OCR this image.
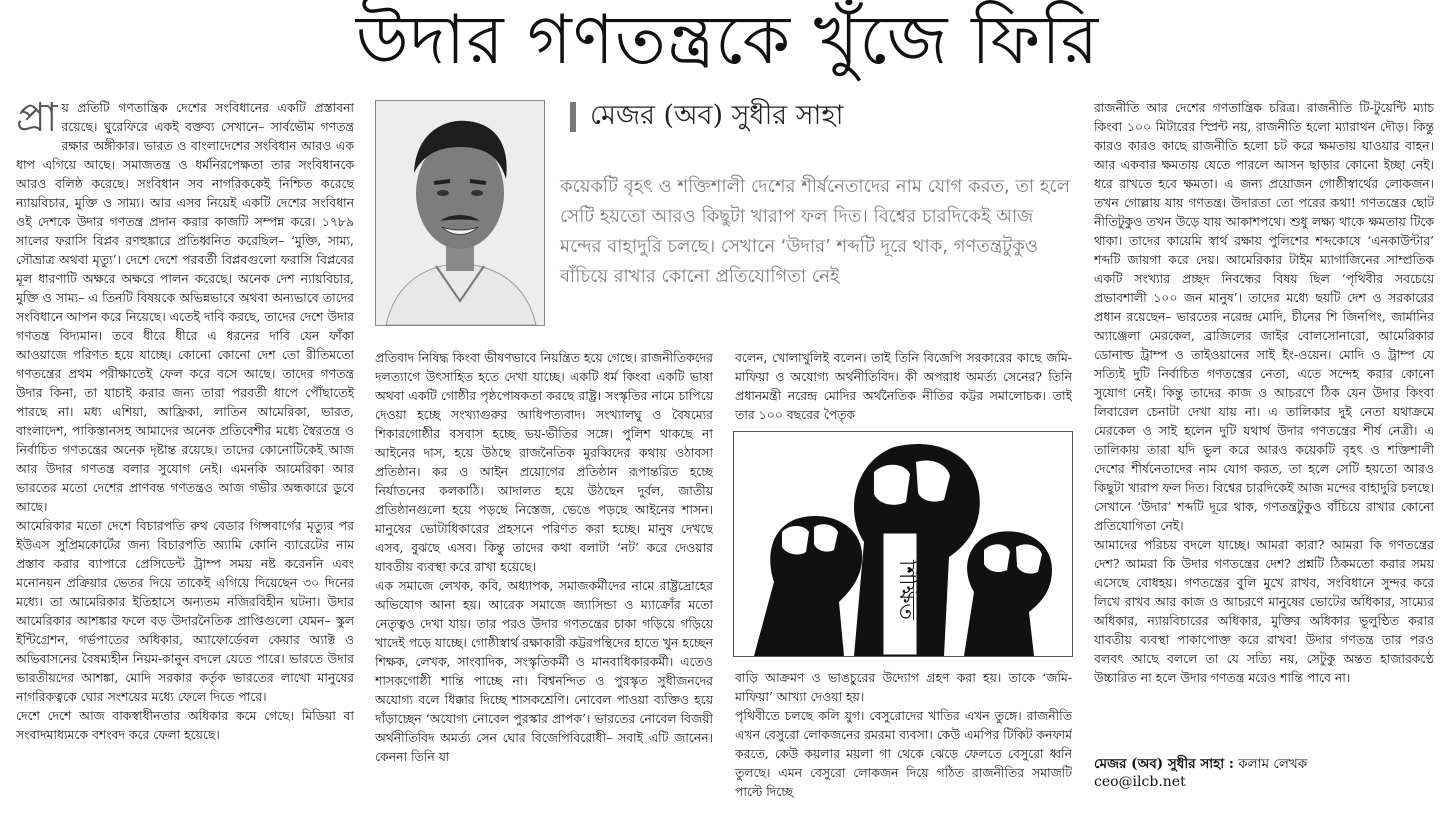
উদার গণতন্ত্রকে খুঁজে ফিরি

প্রা য় প্রতিটি গণতান্ত্রিক দেশের সংবিধানের একটি প্রস্তাবনা রয়েছে। ঘুরেফিরে একই বক্তব্য সেখানে– সার্বভৌম গণতন্ত্র রক্ষার অঙ্গীকার। ভারত ও বাংলাদেশের সংবিধান আরও এক ধাপ এগিয়ে আছে। সমাজতন্ত্র ও ধর্মনিরপেক্ষতা তার সংবিধানকে আরও বলিষ্ঠ করেছে। সংবিধান সব নাগরিককেই নিশ্চিত করেছে ন্যায়বিচার, মুক্তি ও সাম্য। আর এসব নিয়েই একটি দেশের সংবিধান ওই দেশকে উদার গণতন্ত্র প্রদান করার কাজটি সম্পন্ন করে। ১৭৮৯ সালের ফরাসি বিপ্লব রণহুঙ্কারে প্রতিধ্বনিত করেছিল– ‘মুক্তি, সাম্য, সৌভ্রাত্র অথবা মৃত্যু’। দেশে দেশে পরবর্তী বিপ্লবগুলো ফরাসি বিপ্লবের মূল ধারণাটি অক্ষরে অক্ষরে পালন করেছে। অনেক দেশ ন্যায়বিচার, মুক্তি ও সাম্য– এ তিনটি বিষয়কে অভিন্নভাবে অথবা অন্যভাবে তাদের সংবিধানে আপন করে নিয়েছে। এতেই দাবি করছে, তাদের দেশে উদার গণতন্ত্র বিদ্যমান। তবে ধীরে ধীরে এ ধরনের দাবি যেন ফাঁকা আওয়াজে পরিণত হয়ে যাচ্ছে। কোনো কোনো দেশ তো রীতিমতো গণতন্ত্রের প্রথম পরীক্ষাতেই ফেল করে বসে আছে। তাদের গণতন্ত্র উদার কিনা, তা যাচাই করার জন্য তারা পরবর্তী ধাপে পৌঁছাতেই পারছে না। মধ্য এশিয়া, আফ্রিকা, লাতিন আমেরিকা, ভারত, বাংলাদেশ, পাকিস্তানসহ আমাদের অনেক প্রতিবেশীর মধ্যে স্বৈরতন্ত্র ও নির্বাচিত গণতন্ত্রের অনেক দৃষ্টান্ত রয়েছে। তাদের কোনোটিকেই আজ আর উদার গণতন্ত্র বলার সুযোগ নেই। এমনকি আমেরিকা আর ভারতের মতো দেশের প্রাণবন্ত গণতন্ত্রও আজ গভীর অন্ধকারে ডুবে আছে।

আমেরিকার মতো দেশে বিচারপতি রুথ বেডার গিন্সবার্গের মৃত্যুর পর ইউএস সুপ্রিমকোর্টের জন্য বিচারপতি অ্যামি কোনি ব্যারেটের নাম প্রস্তাব করার ব্যাপারে প্রেসিডেন্ট ট্রাম্প সময় নষ্ট করেননি এবং মনোনয়ন প্রক্রিয়ার ভেতর দিয়ে তাকেই এগিয়ে দিয়েছেন ৩০ দিনের মধ্যে। তা আমেরিকার ইতিহাসে অন্যতম নজিরবিহীন ঘটনা। উদার আমেরিকার আশঙ্কার ফলে বড় উদারনৈতিক প্রাপ্তিগুলো যেমন– স্কুল ইন্টিগ্রেশন, গর্ভপাতের অধিকার, অ্যাফোর্ডেবল কেয়ার অ্যাক্ট ও অভিবাসনের বৈষম্যহীন নিয়ম-কানুন বদলে যেতে পারে। ভারতে উদার ভারতীয়দের আশঙ্কা, মোদি সরকার কর্তৃক ভারতের লাখো মানুষের নাগরিকত্বকে ঘোর সংশয়ের মধ্যে ফেলে দিতে পারে।

দেশে দেশে আজ বাকস্বাধীনতার অধিকার কমে গেছে। মিডিয়া বা সংবাদমাধ্যমকে বশংবদ করে ফেলা হয়েছে।

মেজর (অব) সুধীর সাহা
কয়েকটি বৃহৎ ও শক্তিশালী দেশের শীর্ষনেতাদের নাম যোগ করত, তা হলে সেটি হয়তো আরও কিছুটা খারাপ ফল দিত। বিশ্বের চারদিকেই আজ মন্দের বাহাদুরি চলছে। সেখানে ‘উদার’ শব্দটি দূরে থাক, গণতন্ত্রটুকুও বাঁচিয়ে রাখার কোনো প্রতিযোগিতা নেই

প্রতিবাদ নিষিদ্ধ কিংবা ভীষণভাবে নিয়ন্ত্রিত হয়ে গেছে। রাজনীতিকদের দলত্যাগে উৎসাহিত হতে দেখা যাচ্ছে। একটি ধর্ম কিংবা একটি ভাষা অথবা একটি গোষ্ঠীর পৃষ্ঠপোষকতা করছে রাষ্ট্র। সংস্কৃতির নামে চাপিয়ে দেওয়া হচ্ছে সংখ্যাগুরুর আধিপত্যবাদ। সংখ্যালঘু ও বৈষম্যের শিকারগোষ্ঠীর বসবাস হচ্ছে ভয়-ভীতির সঙ্গে। পুলিশ থাকছে না আইনের দাস, হয়ে উঠছে রাজনৈতিক মুরব্বিদের কথায় ওঠাবসা প্রতিষ্ঠান। কর ও আইন প্রয়োগের প্রতিষ্ঠান রূপান্তরিত হচ্ছে নির্যাতনের কলকাঠি। আদালত হয়ে উঠছেন দুর্বল, জাতীয় প্রতিষ্ঠানগুলো হয়ে পড়ছে নিস্তেজ, ভেঙে পড়ছে আইনের শাসন। মানুষের ভোটাধিকারের প্রহসনে পরিণত করা হচ্ছে। মানুষ দেখছে এসব, বুঝছে এসব। কিন্তু তাদের কথা বলাটা ‘নট’ করে দেওয়ার যাবতীয় ব্যবস্থা করে রাখা হয়েছে।

এক সমাজে লেখক, কবি, অধ্যাপক, সমাজকর্মীদের নামে রাষ্ট্রদ্রোহের অভিযোগ আনা হয়। আরেক সমাজে জ্যাসিন্ডা ও ম্যাক্রোঁর মতো নেতৃত্বও দেখা যায়। তার পরও উদার গণতন্ত্রের চাকা গড়িয়ে গড়িয়ে খাদেই পড়ে যাচ্ছে। গোষ্ঠীস্বার্থ রক্ষাকারী কট্টরপন্থিদের হাতে খুন হচ্ছেন শিক্ষক, লেখক, সাংবাদিক, সংস্কৃতিকর্মী ও মানবাধিকারকর্মী। এতেও শাসকগোষ্ঠী শান্তি পাচ্ছে না। বিশ্বনন্দিত ও পুরস্কৃত সুধীজনদের অযোগ্য বলে ধিক্কার দিচ্ছে শাসকশ্রেণি। নোবেল পাওয়া ব্যক্তিও হয়ে দাঁড়াচ্ছেন ‘অযোগ্য নোবেল পুরস্কার প্রাপক’। ভারতের নোবেল বিজয়ী অর্থনীতিবিদ অমর্ত্য সেন ঘোর বিজেপিবিরোধী– সবাই এটি জানেন। কেননা তিনি যা

বলেন, খোলাখুলিই বলেন। তাই তিনি বিজেপি সরকারের কাছে জমি-মাফিয়া ও অযোগ্য অর্থনীতিবিদ। কী অপরাধ অমর্ত্য সেনের? তিনি প্রধানমন্ত্রী নরেন্দ্র মোদির অর্থনৈতিক নীতির কট্টর সমালোচক। তাই তার ১০০ বছরের পৈতৃক

শিক্ষিত

বাড়ি আক্রমণ ও ভাঙচুরের উদ্যোগ গ্রহণ করা হয়। তাকে ‘জমি-মাফিয়া’ আখ্যা দেওয়া হয়।

পৃথিবীতে চলছে কলি যুগ। বেসুরোদের খাতির এখন তুঙ্গে। রাজনীতি এখন বেসুরো লোকজনের রমরমা ব্যবসা। কেউ এমপির টিকিট কনফার্ম করতে, কেউ কয়লার ময়লা গা থেকে ঝেড়ে ফেলতে বেসুরো ধ্বনি তুলছে। এমন বেসুরো লোকজন দিয়ে গঠিত রাজনীতির সমাজটি পাল্টে দিচ্ছে

রাজনীতি আর দেশের গণতান্ত্রিক চরিত্র। রাজনীতি টি-টুয়েন্টি ম্যাচ কিংবা ১০০ মিটারের স্প্রিন্ট নয়, রাজনীতি হলো ম্যারাথন দৌড়। কিন্তু কারও কারও কাছে রাজনীতি হলো চট করে ক্ষমতায় যাওয়ার বাহন। আর একবার ক্ষমতায় যেতে পারলে আসন ছাড়ার কোনো ইচ্ছা নেই। ধরে রাখতে হবে ক্ষমতা। এ জন্য প্রয়োজন গোষ্ঠীস্বার্থের লোকজন। তখন গোল্লায় যায় গণতন্ত্র। উদারতা তো পরের কথা! গণতন্ত্রের ছোট নীতিটুকুও তখন উড়ে যায় আকাশপথে। শুধু লক্ষ্য থাকে ক্ষমতায় টিকে থাকা। তাদের কায়েমি স্বার্থ রক্ষায় পুলিশের শব্দকোষে ‘এনকাউন্টার’ শব্দটি জায়গা করে দেয়। আমেরিকার টাইম ম্যাগাজিনের সাম্প্রতিক একটি সংখ্যার প্রচ্ছদ নিবন্ধের বিষয় ছিল ‘পৃথিবীর সবচেয়ে প্রভাবশালী ১০০ জন মানুষ’। তাদের মধ্যে ছয়টি দেশ ও সরকারের প্রধান রয়েছেন– ভারতের নরেন্দ্র মোদি, চীনের শি জিনপিং, জার্মানির অ্যাঞ্জেলা মেরকেল, ব্রাজিলের জাইর বোলসোনারো, আমেরিকার ডোনাল্ড ট্রাম্প ও তাইওয়ানের সাই ইং-ওয়েন। মোদি ও ট্রাম্প যে সত্যিই দুটি নির্বাচিত গণতন্ত্রের নেতা, এতে সন্দেহ করার কোনো সুযোগ নেই। কিন্তু তাদের কাজ ও আচরণে ঠিক যেন উদার কিংবা লিবারেল চেনাটা দেখা যায় না। এ তালিকার দুই নেতা যথাক্রমে মেরকেল ও সাই হলেন দুটি যথার্থ উদার গণতন্ত্রের শীর্ষ নেত্রী। এ তালিকায় তারা যদি ভুল করে আরও কয়েকটি বৃহৎ ও শক্তিশালী দেশের শীর্ষনেতাদের নাম যোগ করত, তা হলে সেটি হয়তো আরও কিছুটা খারাপ ফল দিত। বিশ্বের চারদিকেই আজ মন্দের বাহাদুরি চলছে। সেখানে ‘উদার’ শব্দটি দূরে থাক, গণতন্ত্রটুকুও বাঁচিয়ে রাখার কোনো প্রতিযোগিতা নেই।

আমাদের পরিচয় বদলে যাচ্ছে। আমরা কারা? আমরা কি গণতন্ত্রের দেশ? আমরা কি উদার গণতন্ত্রের দেশ? প্রশ্নটি ঠিকমতো করার সময় এসেছে বোধহয়। গণতন্ত্রের বুলি মুখে রাখব, সংবিধানে সুন্দর করে লিখে রাখব আর কাজ ও আচরণে মানুষের ভোটের অধিকার, সাম্যের অধিকার, ন্যায়বিচারের অধিকার, মুক্তির অধিকার ভূলুণ্ঠিত করার যাবতীয় ব্যবস্থা পাকাপোক্ত করে রাখব! উদার গণতন্ত্র তার পরও বলবৎ আছে বললে তা যে সত্যি নয়, সেটুকু অন্তত হাজারকণ্ঠে উচ্চারিত না হলে উদার গণতন্ত্র মরেও শান্তি পাবে না।

মেজর (অব) সুধীর সাহা : কলাম লেখক
ceo@ilcb.net
